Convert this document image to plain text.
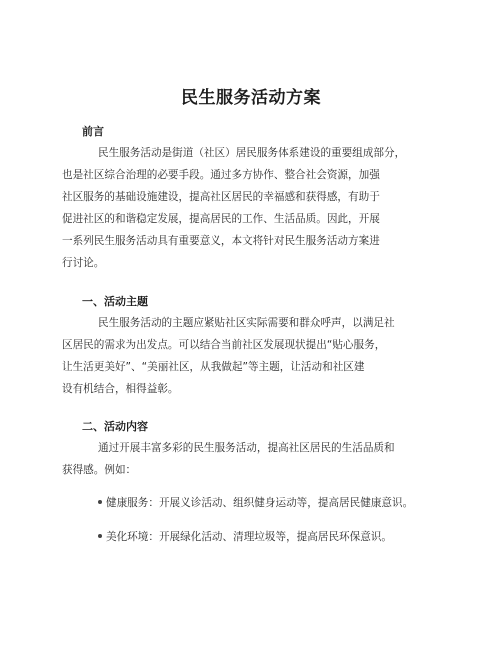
民生服务活动方案
前言
民生服务活动是街道（社区）居民服务体系建设的重要组成部分，
也是社区综合治理的必要手段。通过多方协作、整合社会资源，加强
社区服务的基础设施建设，提高社区居民的幸福感和获得感，有助于
促进社区的和谐稳定发展，提高居民的工作、生活品质。因此，开展
一系列民生服务活动具有重要意义，本文将针对民生服务活动方案进
行讨论。
一、活动主题
民生服务活动的主题应紧贴社区实际需要和群众呼声，以满足社
区居民的需求为出发点。可以结合当前社区发展现状提出“贴心服务，
让生活更美好”、“美丽社区，从我做起”等主题，让活动和社区建
设有机结合，相得益彰。
二、活动内容
通过开展丰富多彩的民生服务活动，提高社区居民的生活品质和
获得感。例如：
健康服务：开展义诊活动、组织健身运动等，提高居民健康意识。
美化环境：开展绿化活动、清理垃圾等，提高居民环保意识。
